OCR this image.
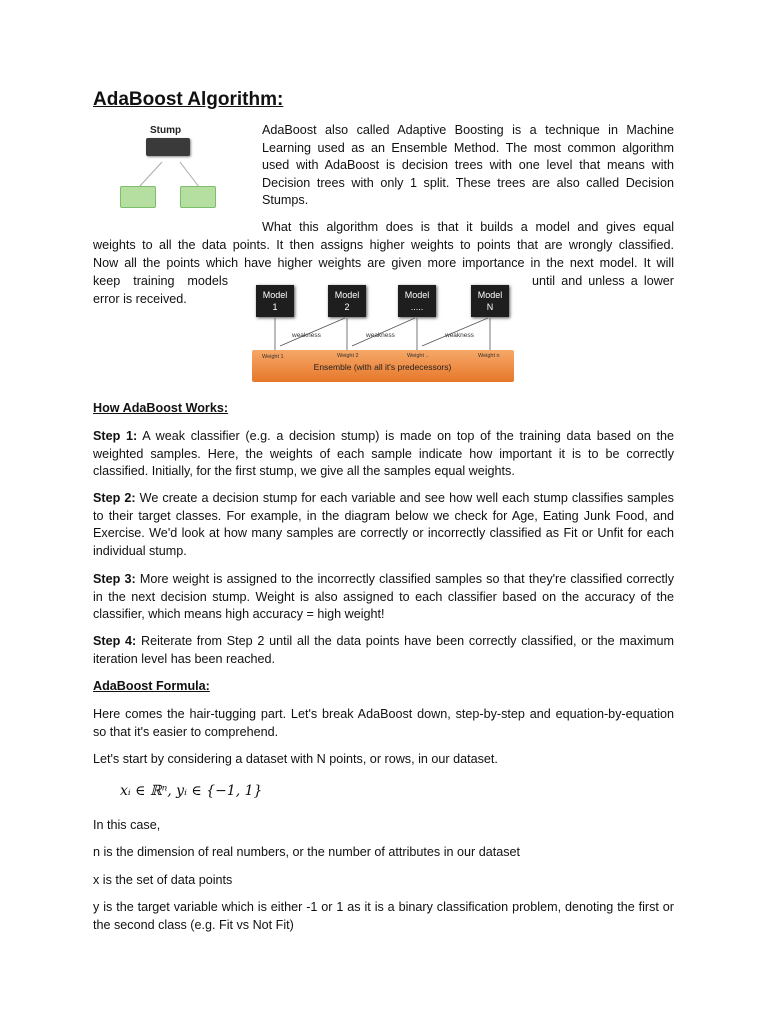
AdaBoost Algorithm:
Stump	AdaBoost also called Adaptive Boosting is a technique in Machine Learning used as an Ensemble Method. The most common algorithm used with AdaBoost is decision trees with one level that means with Decision trees with only 1 split. These trees are also called Decision Stumps.

What this algorithm does is that it builds a model and gives equal

weights to all the data points. It then assigns higher weights to points that are wrongly classified.

Now all the points which have higher weights are given more importance in the next model. It will

keep training models	until and unless a lower

error is received.	Model
1
Model
2
Model
.....
Model
N
weakness	weakness	weakness
Weight 1	Weight 2	Weight ..	Weight n
Ensemble (with all it's predecessors)
How AdaBoost Works:

Step 1: A weak classifier (e.g. a decision stump) is made on top of the training data based on the weighted samples. Here, the weights of each sample indicate how important it is to be correctly classified. Initially, for the first stump, we give all the samples equal weights.

Step 2: We create a decision stump for each variable and see how well each stump classifies samples to their target classes. For example, in the diagram below we check for Age, Eating Junk Food, and Exercise. We'd look at how many samples are correctly or incorrectly classified as Fit or Unfit for each individual stump.

Step 3: More weight is assigned to the incorrectly classified samples so that they're classified correctly in the next decision stump. Weight is also assigned to each classifier based on the accuracy of the classifier, which means high accuracy = high weight!

Step 4: Reiterate from Step 2 until all the data points have been correctly classified, or the maximum iteration level has been reached.

AdaBoost Formula:

Here comes the hair-tugging part. Let's break AdaBoost down, step-by-step and equation-by-equation so that it's easier to comprehend.

Let's start by considering a dataset with N points, or rows, in our dataset.

xᵢ ∈ ℝⁿ, yᵢ ∈ {−1, 1}

In this case,

n is the dimension of real numbers, or the number of attributes in our dataset

x is the set of data points

y is the target variable which is either -1 or 1 as it is a binary classification problem, denoting the first or the second class (e.g. Fit vs Not Fit)
